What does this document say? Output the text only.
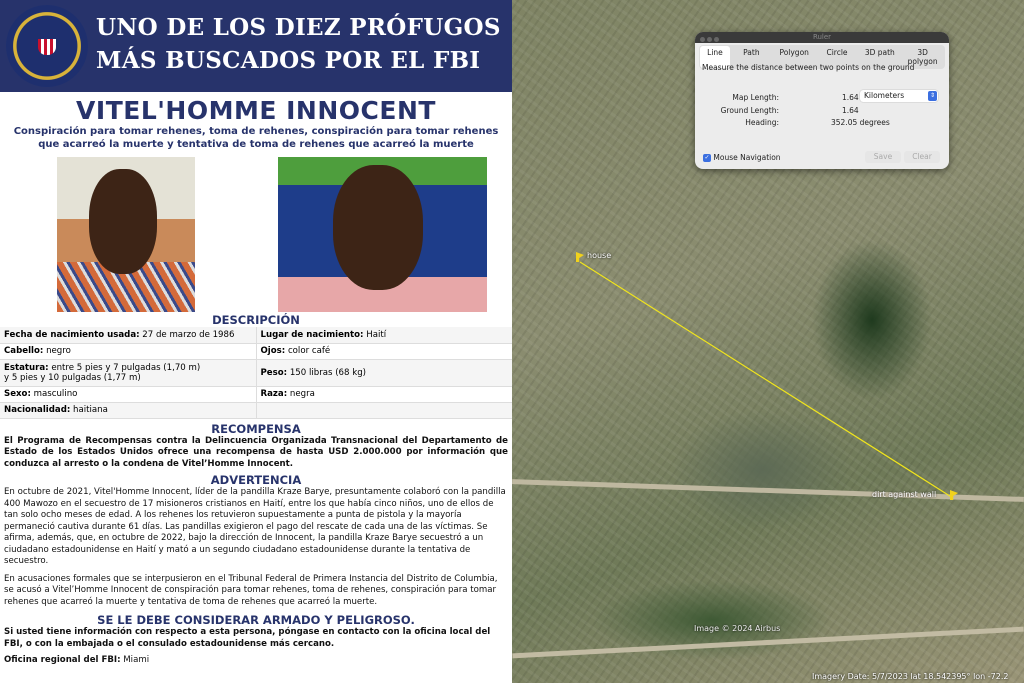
UNO DE LOS DIEZ PRÓFUGOS
MÁS BUSCADOS POR EL FBI
VITEL'HOMME INNOCENT
Conspiración para tomar rehenes, toma de rehenes, conspiración para tomar rehenes que acarreó la muerte y tentativa de toma de rehenes que acarreó la muerte
DESCRIPCIÓN
Fecha de nacimiento usada: 27 de marzo de 1986	Lugar de nacimiento: Haití
Cabello: negro	Ojos: color café
Estatura: entre 5 pies y 7 pulgadas (1,70 m)
y 5 pies y 10 pulgadas (1,77 m)	Peso: 150 libras (68 kg)
Sexo: masculino	Raza: negra
Nacionalidad: haitiana	
RECOMPENSA
El Programa de Recompensas contra la Delincuencia Organizada Transnacional del Departamento de Estado de los Estados Unidos ofrece una recompensa de hasta USD 2.000.000 por información que conduzca al arresto o la condena de Vitel’Homme Innocent.
ADVERTENCIA
En octubre de 2021, Vitel'Homme Innocent, líder de la pandilla Kraze Barye, presuntamente colaboró con la pandilla 400 Mawozo en el secuestro de 17 misioneros cristianos en Haití, entre los que había cinco niños, uno de ellos de tan solo ocho meses de edad. A los rehenes los retuvieron supuestamente a punta de pistola y la mayoría permaneció cautiva durante 61 días. Las pandillas exigieron el pago del rescate de cada una de las víctimas. Se afirma, además, que, en octubre de 2022, bajo la dirección de Innocent, la pandilla Kraze Barye secuestró a un ciudadano estadounidense en Haití y mató a un segundo ciudadano estadounidense durante la tentativa de secuestro.
En acusaciones formales que se interpusieron en el Tribunal Federal de Primera Instancia del Distrito de Columbia, se acusó a Vitel’Homme Innocent de conspiración para tomar rehenes, toma de rehenes, conspiración para tomar rehenes que acarreó la muerte y tentativa de toma de rehenes que acarreó la muerte.
SE LE DEBE CONSIDERAR ARMADO Y PELIGROSO.
Si usted tiene información con respecto a esta persona, póngase en contacto con la oficina local del FBI, o con la embajada o el consulado estadounidense más cercano.
Oficina regional del FBI: Miami
house
dirt against wall
Image © 2024 Airbus
Imagery Date: 5/7/2023 lat 18.542395° lon -72.2
Ruler
Line	Path	Polygon	Circle	3D path	3D polygon
Measure the distance between two points on the ground
Map Length:	1.64 Kilometers	⇕
Ground Length:	1.64
Heading:	352.05 degrees
✓ Mouse Navigation	Save	Clear
